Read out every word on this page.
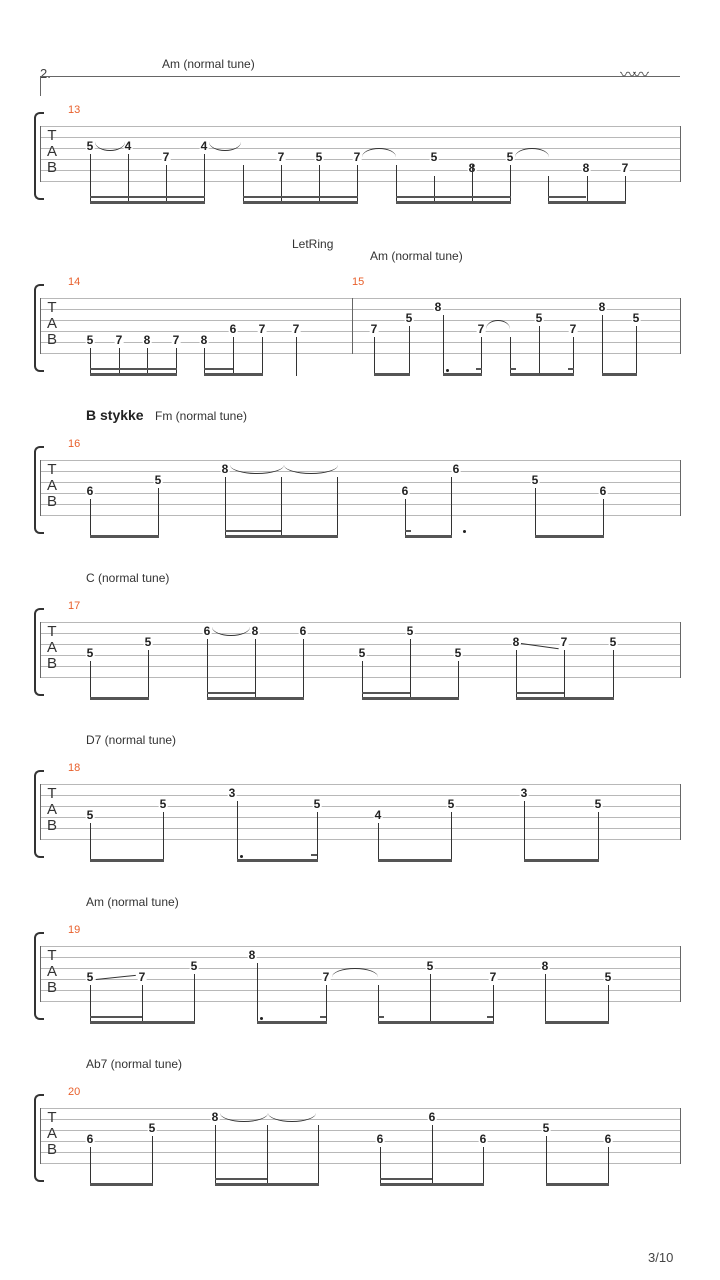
2.	〰〰
Am (normal tune)
13
T
A
B
5	4
7
4
7	5	7	5
8
5
8	7
LetRing
Am (normal tune)
14	15
T
A
B 5 7 8 7 8
6 7 7	7
5
8
7
5
7
8
5
B stykke Fm (normal tune)
16
T
A
B
6
5
8
6
6
5
6
C (normal tune)
17
T
A
B
5
5
6	8	6
5
5
5
8	7	5
D7 (normal tune)
18
T
A
B
5
5
3
5
4
5
3
5
Am (normal tune)
19
T
A
B
5	7
5
8
7
5
7
8
5
Ab7 (normal tune)
20
T
A
B
6
5
8
6
6
6
5
6
3/10
